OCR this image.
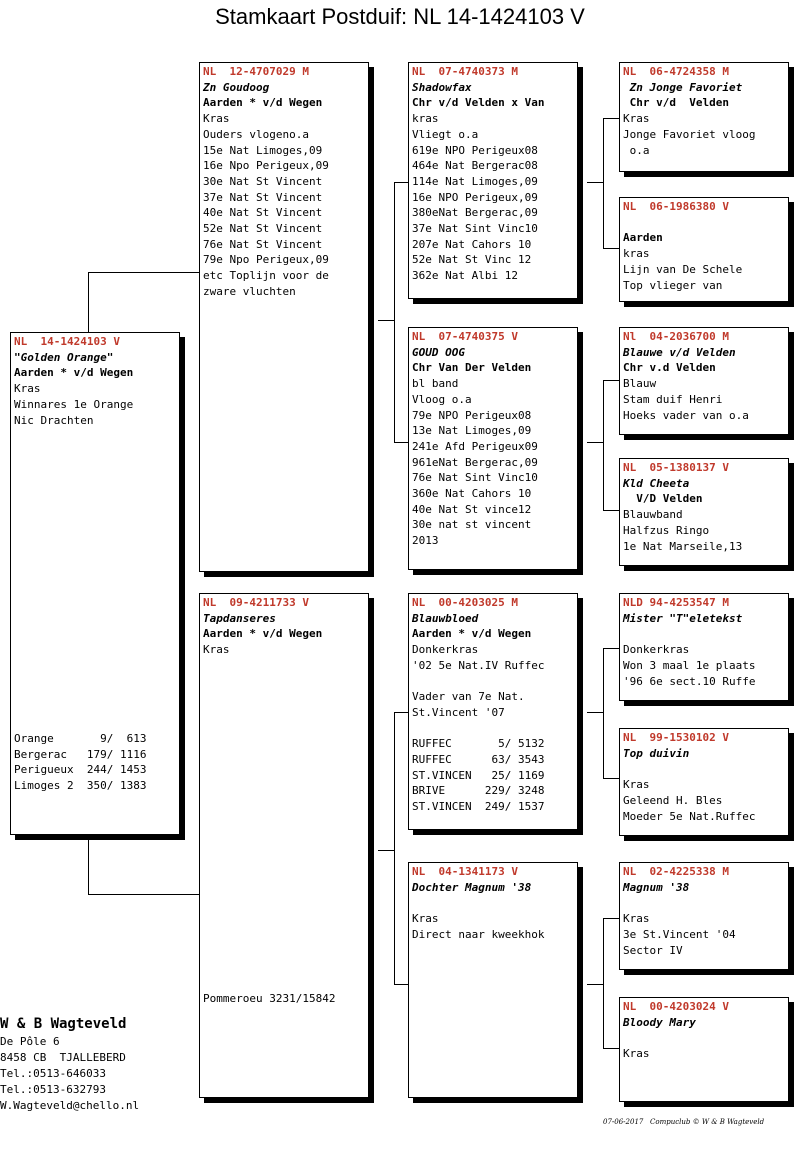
Stamkaart Postduif: NL 14-1424103 V
NL  14-1424103 V
"Golden Orange"
Aarden * v/d Wegen
Kras
Winnares 1e Orange
Nic Drachten
Orange       9/  613
Bergerac   179/ 1116
Perigueux  244/ 1453
Limoges 2  350/ 1383
NL  12-4707029 M
Zn Goudoog
Aarden * v/d Wegen
Kras
Ouders vlogeno.a
15e Nat Limoges,09
16e Npo Perigeux,09
30e Nat St Vincent
37e Nat St Vincent
40e Nat St Vincent
52e Nat St Vincent
76e Nat St Vincent
79e Npo Perigeux,09
etc Toplijn voor de
zware vluchten
NL  09-4211733 V
Tapdanseres
Aarden * v/d Wegen
Kras
Pommeroeu 3231/15842
NL  07-4740373 M
Shadowfax
Chr v/d Velden x Van
kras
Vliegt o.a
619e NPO Perigeux08
464e Nat Bergerac08
114e Nat Limoges,09
16e NPO Perigeux,09
380eNat Bergerac,09
37e Nat Sint Vinc10
207e Nat Cahors 10
52e Nat St Vinc 12
362e Nat Albi 12
NL  07-4740375 V
GOUD OOG
Chr Van Der Velden
bl band
Vloog o.a
79e NPO Perigeux08
13e Nat Limoges,09
241e Afd Perigeux09
961eNat Bergerac,09
76e Nat Sint Vinc10
360e Nat Cahors 10
40e Nat St vince12
30e nat st vincent
2013
NL  00-4203025 M
Blauwbloed
Aarden * v/d Wegen
Donkerkras
'02 5e Nat.IV Ruffec
Vader van 7e Nat.
St.Vincent '07
RUFFEC       5/ 5132
RUFFEC      63/ 3543
ST.VINCEN   25/ 1169
BRIVE      229/ 3248
ST.VINCEN  249/ 1537
NL  04-1341173 V
Dochter Magnum '38
Kras
Direct naar kweekhok
NL  06-4724358 M
Zn Jonge Favoriet
Chr v/d  Velden
Kras
Jonge Favoriet vloog
o.a
NL  06-1986380 V
Aarden
kras
Lijn van De Schele
Top vlieger van
Nl  04-2036700 M
Blauwe v/d Velden
Chr v.d Velden
Blauw
Stam duif Henri
Hoeks vader van o.a
NL  05-1380137 V
Kld Cheeta
V/D Velden
Blauwband
Halfzus Ringo
1e Nat Marseile,13
NLD 94-4253547 M
Mister "T"eletekst
Donkerkras
Won 3 maal 1e plaats
'96 6e sect.10 Ruffe
NL  99-1530102 V
Top duivin
Kras
Geleend H. Bles
Moeder 5e Nat.Ruffec
NL  02-4225338 M
Magnum '38
Kras
3e St.Vincent '04
Sector IV
NL  00-4203024 V
Bloody Mary
Kras
W & B Wagteveld
De Pôle 6
8458 CB  TJALLEBERD
Tel.:0513-646033
Tel.:0513-632793
W.Wagteveld@chello.nl
07-06-2017   Compuclub © W & B Wagteveld
